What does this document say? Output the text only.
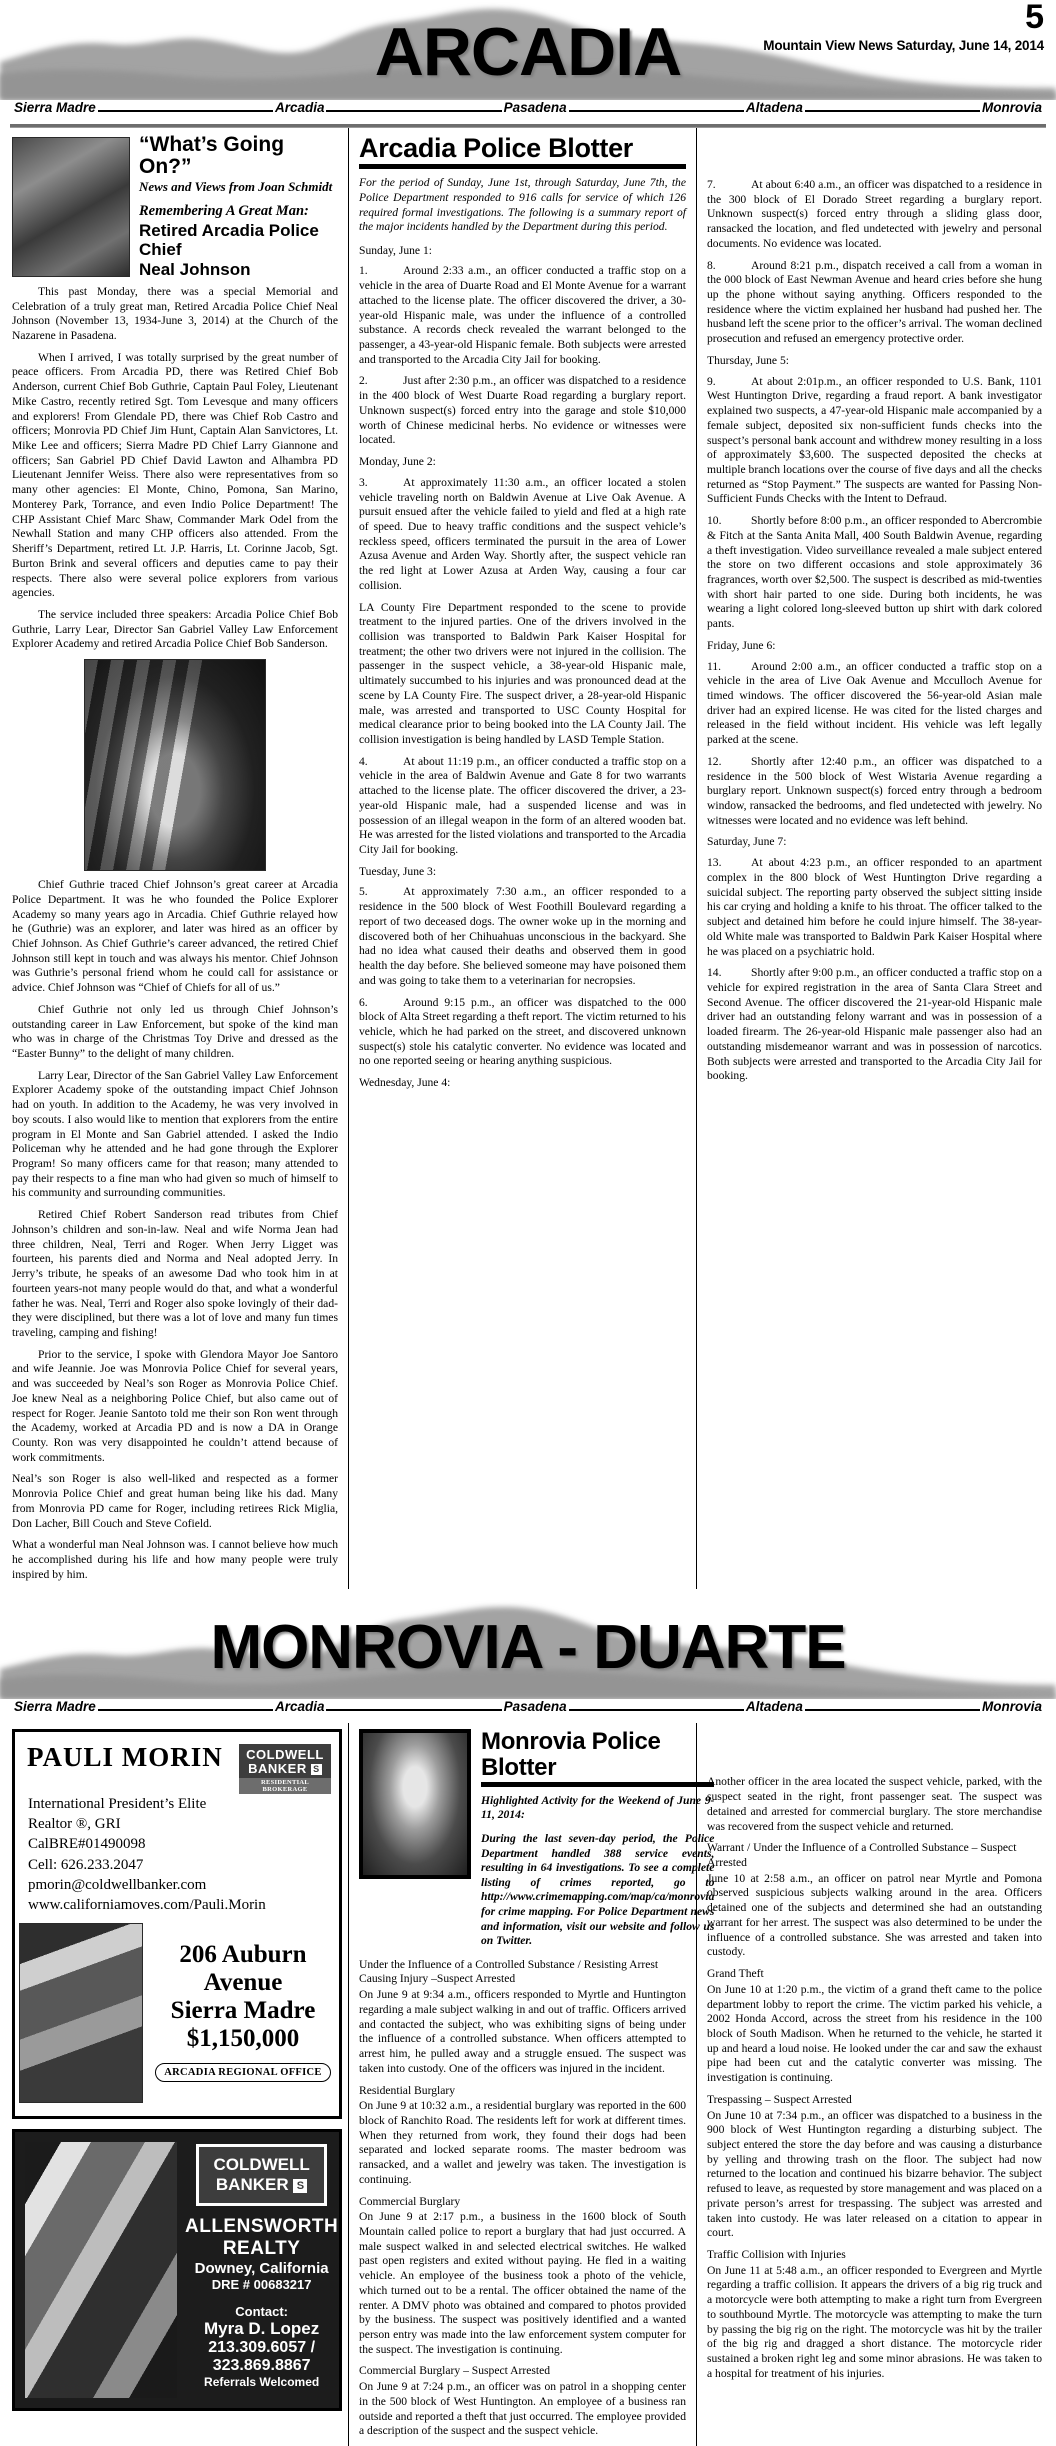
5
Mountain View News Saturday, June 14, 2014
ARCADIA
Sierra Madre	Arcadia	Pasadena	Altadena	Monrovia
“What’s Going On?”
News and Views from Joan Schmidt
Remembering A Great Man:
Retired Arcadia Police Chief
Neal Johnson

This past Monday, there was a special Memorial and Celebration of a truly great man, Retired Arcadia Police Chief Neal Johnson (November 13, 1934-June 3, 2014) at the Church of the Nazarene in Pasadena.

When I arrived, I was totally surprised by the great number of peace officers. From Arcadia PD, there was Retired Chief Bob Anderson, current Chief Bob Guthrie, Captain Paul Foley, Lieutenant Mike Castro, recently retired Sgt. Tom Levesque and many officers and explorers! From Glendale PD, there was Chief Rob Castro and officers; Monrovia PD Chief Jim Hunt, Captain Alan Sanvictores, Lt. Mike Lee and officers; Sierra Madre PD Chief Larry Giannone and officers; San Gabriel PD Chief David Lawton and Alhambra PD Lieutenant Jennifer Weiss. There also were representatives from so many other agencies: El Monte, Chino, Pomona, San Marino, Monterey Park, Torrance, and even Indio Police Department! The CHP Assistant Chief Marc Shaw, Commander Mark Odel from the Newhall Station and many CHP officers also attended. From the Sheriff’s Department, retired Lt. J.P. Harris, Lt. Corinne Jacob, Sgt. Burton Brink and several officers and deputies came to pay their respects. There also were several police explorers from various agencies.

The service included three speakers: Arcadia Police Chief Bob Guthrie, Larry Lear, Director San Gabriel Valley Law Enforcement Explorer Academy and retired Arcadia Police Chief Bob Sanderson.

Chief Guthrie traced Chief Johnson’s great career at Arcadia Police Department. It was he who founded the Police Explorer Academy so many years ago in Arcadia. Chief Guthrie relayed how he (Guthrie) was an explorer, and later was hired as an officer by Chief Johnson. As Chief Guthrie’s career advanced, the retired Chief Johnson still kept in touch and was always his mentor. Chief Johnson was Guthrie’s personal friend whom he could call for assistance or advice. Chief Johnson was “Chief of Chiefs for all of us.”

Chief Guthrie not only led us through Chief Johnson’s outstanding career in Law Enforcement, but spoke of the kind man who was in charge of the Christmas Toy Drive and dressed as the “Easter Bunny” to the delight of many children.

Larry Lear, Director of the San Gabriel Valley Law Enforcement Explorer Academy spoke of the outstanding impact Chief Johnson had on youth. In addition to the Academy, he was very involved in boy scouts. I also would like to mention that explorers from the entire program in El Monte and San Gabriel attended. I asked the Indio Policeman why he attended and he had gone through the Explorer Program! So many officers came for that reason; many attended to pay their respects to a fine man who had given so much of himself to his community and surrounding communities.

Retired Chief Robert Sanderson read tributes from Chief Johnson’s children and son-in-law. Neal and wife Norma Jean had three children, Neal, Terri and Roger. When Jerry Ligget was fourteen, his parents died and Norma and Neal adopted Jerry. In Jerry’s tribute, he speaks of an awesome Dad who took him in at fourteen years-not many people would do that, and what a wonderful father he was. Neal, Terri and Roger also spoke lovingly of their dad- they were disciplined, but there was a lot of love and many fun times traveling, camping and fishing!

Prior to the service, I spoke with Glendora Mayor Joe Santoro and wife Jeannie. Joe was Monrovia Police Chief for several years, and was succeeded by Neal’s son Roger as Monrovia Police Chief. Joe knew Neal as a neighboring Police Chief, but also came out of respect for Roger. Jeanie Santoto told me their son Ron went through the Academy, worked at Arcadia PD and is now a DA in Orange County. Ron was very disappointed he couldn’t attend because of work commitments.

Neal’s son Roger is also well-liked and respected as a former Monrovia Police Chief and great human being like his dad. Many from Monrovia PD came for Roger, including retirees Rick Miglia, Don Lacher, Bill Couch and Steve Cofield.

What a wonderful man Neal Johnson was. I cannot believe how much he accomplished during his life and how many people were truly inspired by him.

Arcadia Police Blotter
For the period of Sunday, June 1st, through Saturday, June 7th, the Police Department responded to 916 calls for service of which 126 required formal investigations. The following is a summary report of the major incidents handled by the Department during this period.
Sunday, June 1:

1.	Around 2:33 a.m., an officer conducted a traffic stop on a vehicle in the area of Duarte Road and El Monte Avenue for a warrant attached to the license plate. The officer discovered the driver, a 30-year-old Hispanic male, was under the influence of a controlled substance. A records check revealed the warrant belonged to the passenger, a 43-year-old Hispanic female. Both subjects were arrested and transported to the Arcadia City Jail for booking.

2.	Just after 2:30 p.m., an officer was dispatched to a residence in the 400 block of West Duarte Road regarding a burglary report. Unknown suspect(s) forced entry into the garage and stole $10,000 worth of Chinese medicinal herbs. No evidence or witnesses were located.

Monday, June 2:

3.	At approximately 11:30 a.m., an officer located a stolen vehicle traveling north on Baldwin Avenue at Live Oak Avenue. A pursuit ensued after the vehicle failed to yield and fled at a high rate of speed. Due to heavy traffic conditions and the suspect vehicle’s reckless speed, officers terminated the pursuit in the area of Lower Azusa Avenue and Arden Way. Shortly after, the suspect vehicle ran the red light at Lower Azusa at Arden Way, causing a four car collision.

LA County Fire Department responded to the scene to provide treatment to the injured parties. One of the drivers involved in the collision was transported to Baldwin Park Kaiser Hospital for treatment; the other two drivers were not injured in the collision. The passenger in the suspect vehicle, a 38-year-old Hispanic male, ultimately succumbed to his injuries and was pronounced dead at the scene by LA County Fire. The suspect driver, a 28-year-old Hispanic male, was arrested and transported to USC County Hospital for medical clearance prior to being booked into the LA County Jail. The collision investigation is being handled by LASD Temple Station.

4.	At about 11:19 p.m., an officer conducted a traffic stop on a vehicle in the area of Baldwin Avenue and Gate 8 for two warrants attached to the license plate. The officer discovered the driver, a 23-year-old Hispanic male, had a suspended license and was in possession of an illegal weapon in the form of an altered wooden bat. He was arrested for the listed violations and transported to the Arcadia City Jail for booking.

Tuesday, June 3:

5.	At approximately 7:30 a.m., an officer responded to a residence in the 500 block of West Foothill Boulevard regarding a report of two deceased dogs. The owner woke up in the morning and discovered both of her Chihuahuas unconscious in the backyard. She had no idea what caused their deaths and observed them in good health the day before. She believed someone may have poisoned them and was going to take them to a veterinarian for necropsies.

6.	Around 9:15 p.m., an officer was dispatched to the 000 block of Alta Street regarding a theft report. The victim returned to his vehicle, which he had parked on the street, and discovered unknown suspect(s) stole his catalytic converter. No evidence was located and no one reported seeing or hearing anything suspicious.

Wednesday, June 4:

7.	At about 6:40 a.m., an officer was dispatched to a residence in the 300 block of El Dorado Street regarding a burglary report. Unknown suspect(s) forced entry through a sliding glass door, ransacked the location, and fled undetected with jewelry and personal documents. No evidence was located.

8.	Around 8:21 p.m., dispatch received a call from a woman in the 000 block of East Newman Avenue and heard cries before she hung up the phone without saying anything. Officers responded to the residence where the victim explained her husband had pushed her. The husband left the scene prior to the officer’s arrival. The woman declined prosecution and refused an emergency protective order.

Thursday, June 5:

9.	At about 2:01p.m., an officer responded to U.S. Bank, 1101 West Huntington Drive, regarding a fraud report. A bank investigator explained two suspects, a 47-year-old Hispanic male accompanied by a female subject, deposited six non-sufficient funds checks into the suspect’s personal bank account and withdrew money resulting in a loss of approximately $3,600. The suspected deposited the checks at multiple branch locations over the course of five days and all the checks returned as “Stop Payment.” The suspects are wanted for Passing Non-Sufficient Funds Checks with the Intent to Defraud.

10.	Shortly before 8:00 p.m., an officer responded to Abercrombie & Fitch at the Santa Anita Mall, 400 South Baldwin Avenue, regarding a theft investigation. Video surveillance revealed a male subject entered the store on two different occasions and stole approximately 36 fragrances, worth over $2,500. The suspect is described as mid-twenties with short hair parted to one side. During both incidents, he was wearing a light colored long-sleeved button up shirt with dark colored pants.

Friday, June 6:

11.	Around 2:00 a.m., an officer conducted a traffic stop on a vehicle in the area of Live Oak Avenue and Mcculloch Avenue for timed windows. The officer discovered the 56-year-old Asian male driver had an expired license. He was cited for the listed charges and released in the field without incident. His vehicle was left legally parked at the scene.

12.	Shortly after 12:40 p.m., an officer was dispatched to a residence in the 500 block of West Wistaria Avenue regarding a burglary report. Unknown suspect(s) forced entry through a bedroom window, ransacked the bedrooms, and fled undetected with jewelry. No witnesses were located and no evidence was left behind.

Saturday, June 7:

13.	At about 4:23 p.m., an officer responded to an apartment complex in the 800 block of West Huntington Drive regarding a suicidal subject. The reporting party observed the subject sitting inside his car crying and holding a knife to his throat. The officer talked to the subject and detained him before he could injure himself. The 38-year-old White male was transported to Baldwin Park Kaiser Hospital where he was placed on a psychiatric hold.

14.	Shortly after 9:00 p.m., an officer conducted a traffic stop on a vehicle for expired registration in the area of Santa Clara Street and Second Avenue. The officer discovered the 21-year-old Hispanic male driver had an outstanding felony warrant and was in possession of a loaded firearm. The 26-year-old Hispanic male passenger also had an outstanding misdemeanor warrant and was in possession of narcotics. Both subjects were arrested and transported to the Arcadia City Jail for booking.

MONROVIA - DUARTE
Sierra Madre	Arcadia	Pasadena	Altadena	Monrovia
PAULI MORIN	COLDWELL
BANKER S
RESIDENTIAL BROKERAGE
International President’s Elite
Realtor ®, GRI
CalBRE#01490098
Cell: 626.233.2047
pmorin@coldwellbanker.com
www.californiamoves.com/Pauli.Morin
206 Auburn
Avenue
Sierra Madre
$1,150,000
ARCADIA REGIONAL OFFICE
COLDWELL
BANKER S
ALLENSWORTH REALTY
Downey, California
DRE # 00683217
Contact:
Myra D. Lopez
213.309.6057 / 323.869.8867
Referrals Welcomed
Monrovia Police Blotter
Highlighted Activity for the Weekend of June 9-11, 2014:
During the last seven-day period, the Police Department handled 388 service events, resulting in 64 investigations. To see a complete listing of crimes reported, go to http://www.crimemapping.com/map/ca/monrovia for crime mapping. For Police Department news and information, visit our website and follow us on Twitter.
Under the Influence of a Controlled Substance / Resisting Arrest Causing Injury –Suspect Arrested

On June 9 at 9:34 a.m., officers responded to Myrtle and Huntington regarding a male subject walking in and out of traffic. Officers arrived and contacted the subject, who was exhibiting signs of being under the influence of a controlled substance. When officers attempted to arrest him, he pulled away and a struggle ensued. The suspect was taken into custody. One of the officers was injured in the incident.

Residential Burglary

On June 9 at 10:32 a.m., a residential burglary was reported in the 600 block of Ranchito Road. The residents left for work at different times. When they returned from work, they found their dogs had been separated and locked separate rooms. The master bedroom was ransacked, and a wallet and jewelry was taken. The investigation is continuing.

Commercial Burglary

On June 9 at 2:17 p.m., a business in the 1600 block of South Mountain called police to report a burglary that had just occurred. A male suspect walked in and selected electrical switches. He walked past open registers and exited without paying. He fled in a waiting vehicle. An employee of the business took a photo of the vehicle, which turned out to be a rental. The officer obtained the name of the renter. A DMV photo was obtained and compared to photos provided by the business. The suspect was positively identified and a wanted person entry was made into the law enforcement system computer for the suspect. The investigation is continuing.

Commercial Burglary – Suspect Arrested

On June 9 at 7:24 p.m., an officer was on patrol in a shopping center in the 500 block of West Huntington. An employee of a business ran outside and reported a theft that just occurred. The employee provided a description of the suspect and the suspect vehicle.

Another officer in the area located the suspect vehicle, parked, with the suspect seated in the right, front passenger seat. The suspect was detained and arrested for commercial burglary. The store merchandise was recovered from the suspect vehicle and returned.

Warrant / Under the Influence of a Controlled Substance – Suspect Arrested

June 10 at 2:58 a.m., an officer on patrol near Myrtle and Pomona observed suspicious subjects walking around in the area. Officers detained one of the subjects and determined she had an outstanding warrant for her arrest. The suspect was also determined to be under the influence of a controlled substance. She was arrested and taken into custody.

Grand Theft

On June 10 at 1:20 p.m., the victim of a grand theft came to the police department lobby to report the crime. The victim parked his vehicle, a 2002 Honda Accord, across the street from his residence in the 100 block of South Madison. When he returned to the vehicle, he started it up and heard a loud noise. He looked under the car and saw the exhaust pipe had been cut and the catalytic converter was missing. The investigation is continuing.

Trespassing – Suspect Arrested

On June 10 at 7:34 p.m., an officer was dispatched to a business in the 900 block of West Huntington regarding a disturbing subject. The subject entered the store the day before and was causing a disturbance by yelling and throwing trash on the floor. The subject had now returned to the location and continued his bizarre behavior. The subject refused to leave, as requested by store management and was placed on a private person’s arrest for trespassing. The subject was arrested and taken into custody. He was later released on a citation to appear in court.

Traffic Collision with Injuries

On June 11 at 5:48 a.m., an officer responded to Evergreen and Myrtle regarding a traffic collision. It appears the drivers of a big rig truck and a motorcycle were both attempting to make a right turn from Evergreen to southbound Myrtle. The motorcycle was attempting to make the turn by passing the big rig on the right. The motorcycle was hit by the trailer of the big rig and dragged a short distance. The motorcycle rider sustained a broken right leg and some minor abrasions. He was taken to a hospital for treatment of his injuries.
